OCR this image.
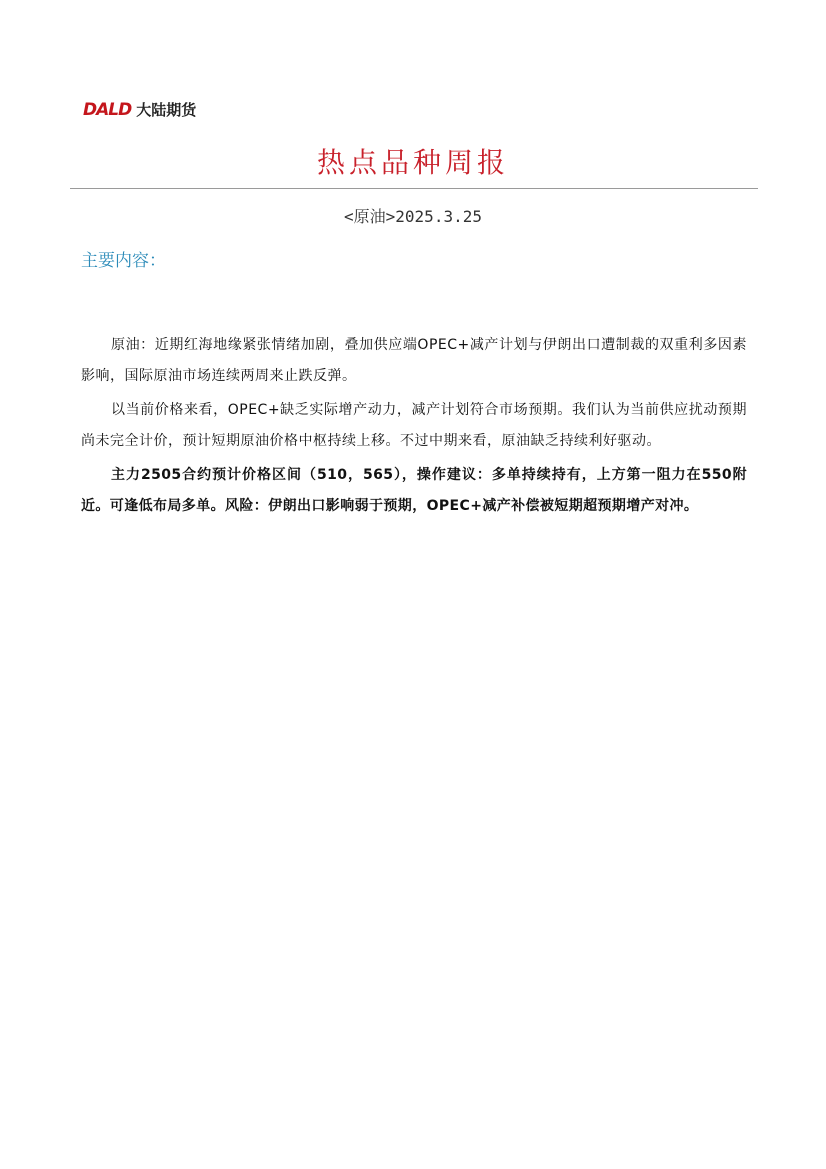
DALD 大陆期货
热点品种周报
<原油>2025.3.25
主要内容：

原油：近期红海地缘紧张情绪加剧，叠加供应端OPEC+减产计划与伊朗出口遭制裁的双重利多因素影响，国际原油市场连续两周来止跌反弹。

以当前价格来看，OPEC+缺乏实际增产动力，减产计划符合市场预期。我们认为当前供应扰动预期尚未完全计价，预计短期原油价格中枢持续上移。不过中期来看，原油缺乏持续利好驱动。

主力2505合约预计价格区间（510，565），操作建议：多单持续持有，上方第一阻力在550附近。可逢低布局多单。风险：伊朗出口影响弱于预期，OPEC+减产补偿被短期超预期增产对冲。
